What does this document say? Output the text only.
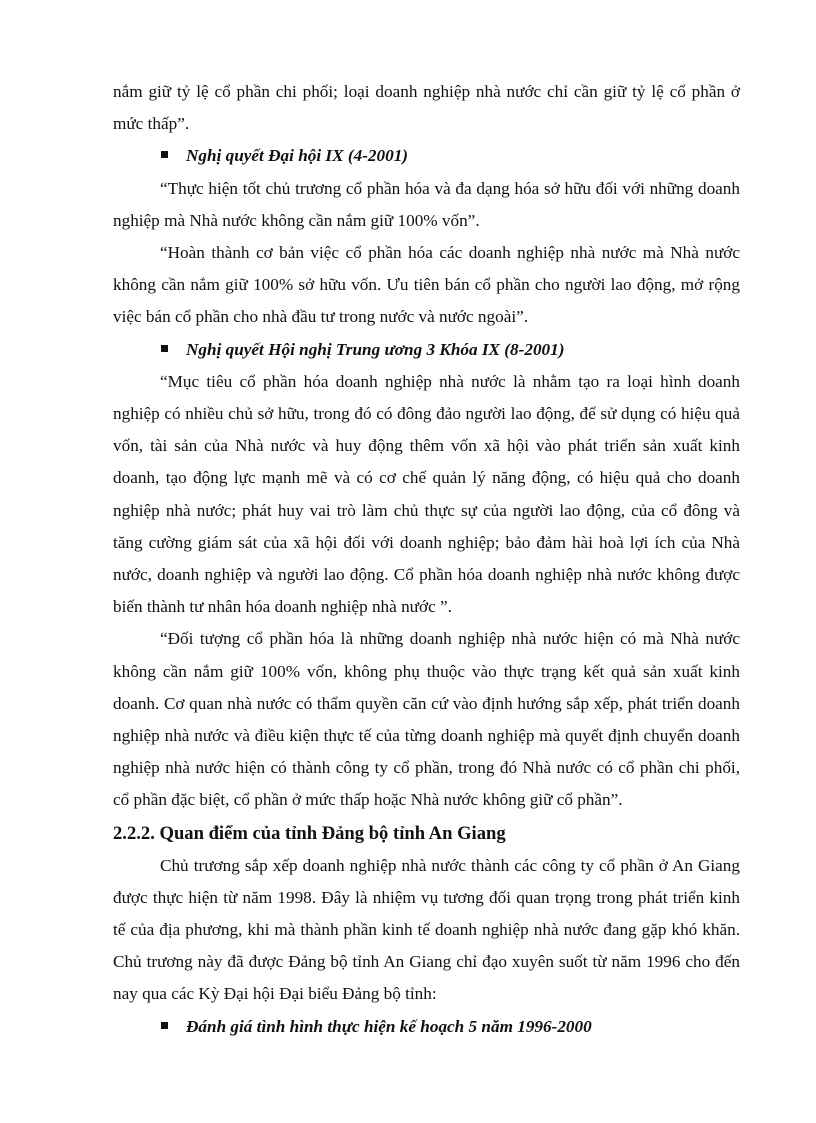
nắm giữ tỷ lệ cổ phần chi phối; loại doanh nghiệp nhà nước chỉ cần giữ tỷ lệ cổ phần ở mức thấp”.

Nghị quyết Đại hội IX (4-2001)

“Thực hiện tốt chủ trương cổ phần hóa và đa dạng hóa sở hữu đối với những doanh nghiệp mà Nhà nước không cần nắm giữ 100% vốn”.

“Hoàn thành cơ bản việc cổ phần hóa các doanh nghiệp nhà nước mà Nhà nước không cần nắm giữ 100% sở hữu vốn. Ưu tiên bán cổ phần cho người lao động, mở rộng việc bán cổ phần cho nhà đầu tư trong nước và nước ngoài”.

Nghị quyết Hội nghị Trung ương 3 Khóa IX (8-2001)

“Mục tiêu cổ phần hóa doanh nghiệp nhà nước là nhằm tạo ra loại hình doanh nghiệp có nhiều chủ sở hữu, trong đó có đông đảo người lao động, để sử dụng có hiệu quả vốn, tài sản của Nhà nước và huy động thêm vốn xã hội vào phát triển sản xuất kinh doanh, tạo động lực mạnh mẽ và có cơ chế quản lý năng động, có hiệu quả cho doanh nghiệp nhà nước; phát huy vai trò làm chủ thực sự của người lao động, của cổ đông và tăng cường giám sát của xã hội đối với doanh nghiệp; bảo đảm hài hoà lợi ích của Nhà nước, doanh nghiệp và người lao động. Cổ phần hóa doanh nghiệp nhà nước không được biến thành tư nhân hóa doanh nghiệp nhà nước ”.

“Đối tượng cổ phần hóa là những doanh nghiệp nhà nước hiện có mà Nhà nước không cần nắm giữ 100% vốn, không phụ thuộc vào thực trạng kết quả sản xuất kinh doanh. Cơ quan nhà nước có thẩm quyền căn cứ vào định hướng sắp xếp, phát triển doanh nghiệp nhà nước và điều kiện thực tế của từng doanh nghiệp mà quyết định chuyển doanh nghiệp nhà nước hiện có thành công ty cổ phần, trong đó Nhà nước có cổ phần chi phối, cổ phần đặc biệt, cổ phần ở mức thấp hoặc Nhà nước không giữ cổ phần”.

2.2.2. Quan điểm của tỉnh Đảng bộ tỉnh An Giang

Chủ trương sắp xếp doanh nghiệp nhà nước thành các công ty cổ phần ở An Giang được thực hiện từ năm 1998. Đây là nhiệm vụ tương đối quan trọng trong phát triển kinh tế của địa phương, khi mà thành phần kinh tế doanh nghiệp nhà nước đang gặp khó khăn. Chủ trương này đã được Đảng bộ tỉnh An Giang chỉ đạo xuyên suốt từ năm 1996 cho đến nay qua các Kỳ Đại hội Đại biểu Đảng bộ tỉnh:

Đánh giá tình hình thực hiện kế hoạch 5 năm 1996-2000
